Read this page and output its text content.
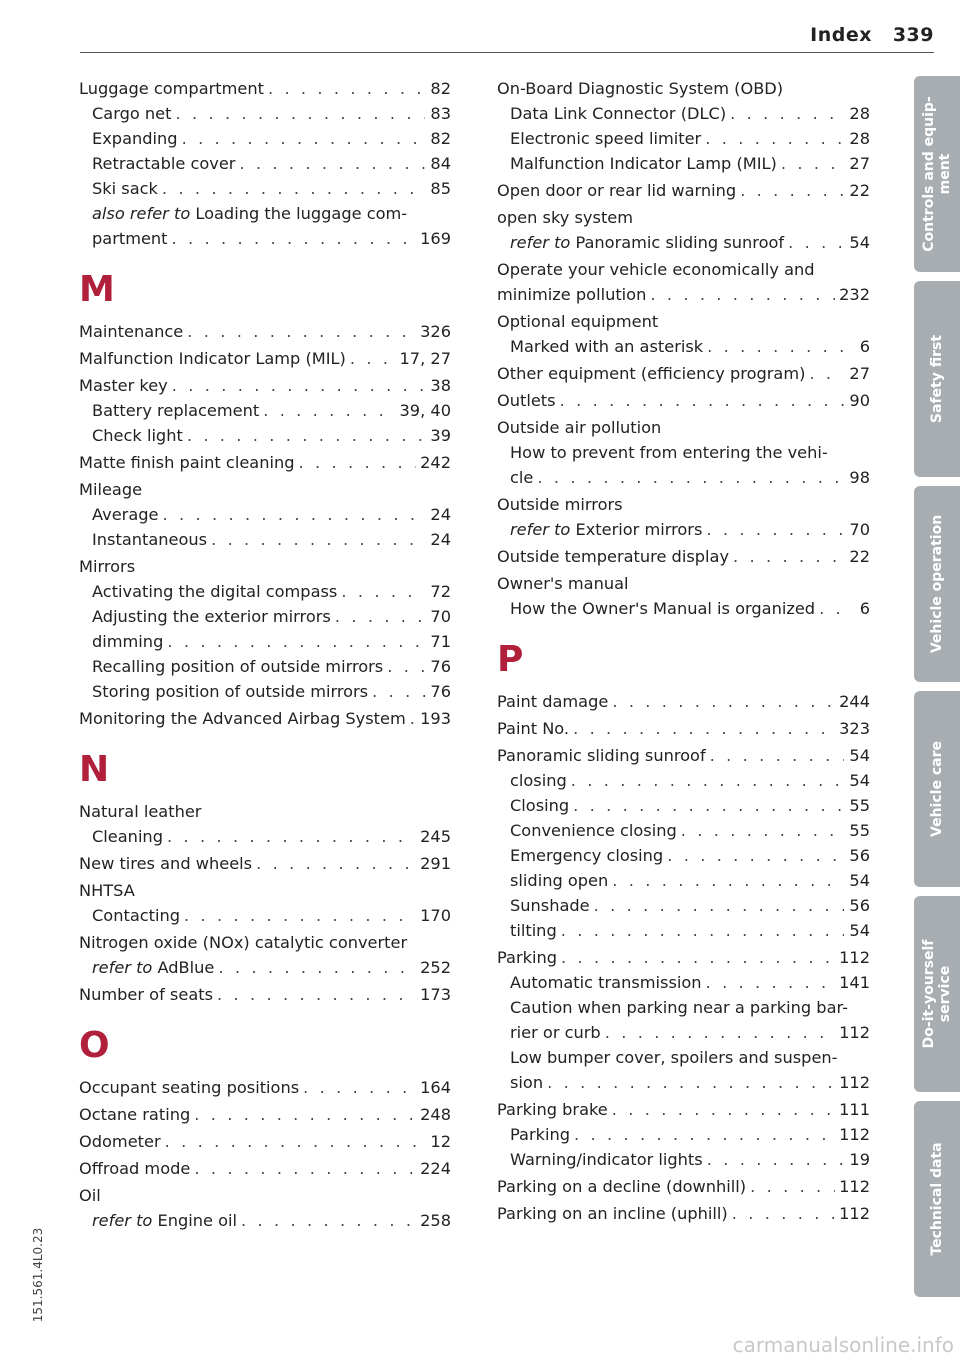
Index 339
Luggage compartment . . .	82
Cargo net . . .	83
Expanding . . .	82
Retractable cover . . .	84
Ski sack . . .	85
also refer to Loading the luggage com-
partment . . .	169
M
Maintenance . . .	326
Malfunction Indicator Lamp (MIL) . . .	17, 27
Master key . . .	38
Battery replacement . . .	39, 40
Check light . . .	39
Matte finish paint cleaning . . .	242
Mileage
Average . . .	24
Instantaneous . . .	24
Mirrors
Activating the digital compass . . .	72
Adjusting the exterior mirrors . . .	70
dimming . . .	71
Recalling position of outside mirrors . . .	76
Storing position of outside mirrors . . .	76
Monitoring the Advanced Airbag System . . . 193
N
Natural leather
Cleaning . . .	245
New tires and wheels . . .	291
NHTSA
Contacting . . .	170
Nitrogen oxide (NOx) catalytic converter
refer to AdBlue . . .	252
Number of seats . . .	173
O
Occupant seating positions . . .	164
Octane rating . . .	248
Odometer . . .	12
Offroad mode . . .	224
Oil
refer to Engine oil . . .	258
On-Board Diagnostic System (OBD)
Data Link Connector (DLC) . . .	28
Electronic speed limiter . . .	28
Malfunction Indicator Lamp (MIL) . . .	27
Open door or rear lid warning . . .	22
open sky system
refer to Panoramic sliding sunroof . . .	54
Operate your vehicle economically and
minimize pollution . . .	232
Optional equipment
Marked with an asterisk . . .	6
Other equipment (efficiency program) . . .	27
Outlets . . .	90
Outside air pollution
How to prevent from entering the vehi-
cle . . .	98
Outside mirrors
refer to Exterior mirrors . . .	70
Outside temperature display . . .	22
Owner's manual
How the Owner's Manual is organized . . .	6
P
Paint damage . . .	244
Paint No. . . .	323
Panoramic sliding sunroof . . .	54
closing . . .	54
Closing . . .	55
Convenience closing . . .	55
Emergency closing . . .	56
sliding open . . .	54
Sunshade . . .	56
tilting . . .	54
Parking . . .	112
Automatic transmission . . .	141
Caution when parking near a parking bar-
rier or curb . . .	112
Low bumper cover, spoilers and suspen-
sion . . .	112
Parking brake . . .	111
Parking . . .	112
Warning/indicator lights . . .	19
Parking on a decline (downhill) . . .	112
Parking on an incline (uphill) . . .	112
Controls and equip-
ment
Safety first
Vehicle operation
Vehicle care
Do-it-yourself
service
Technical data
151.561.4L0.23
carmanualsonline.info
